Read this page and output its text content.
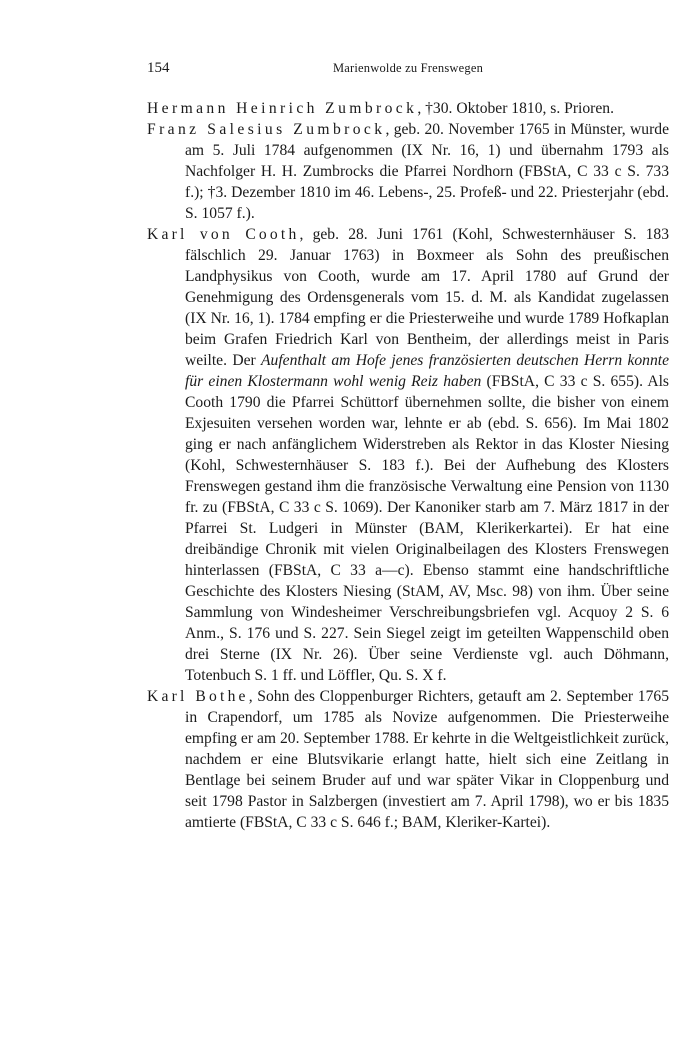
154	Marienwolde zu Frenswegen

Hermann Heinrich Zumbrock, †30. Oktober 1810, s. Prioren.

Franz Salesius Zumbrock, geb. 20. November 1765 in Münster, wurde am 5. Juli 1784 aufgenommen (IX Nr. 16, 1) und übernahm 1793 als Nachfolger H. H. Zumbrocks die Pfarrei Nordhorn (FBStA, C 33 c S. 733 f.); †3. Dezember 1810 im 46. Lebens-, 25. Profeß- und 22. Priesterjahr (ebd. S. 1057 f.).

Karl von Cooth, geb. 28. Juni 1761 (Kohl, Schwesternhäuser S. 183 fälschlich 29. Januar 1763) in Boxmeer als Sohn des preußischen Landphysikus von Cooth, wurde am 17. April 1780 auf Grund der Genehmigung des Ordensgenerals vom 15. d. M. als Kandidat zugelassen (IX Nr. 16, 1). 1784 empfing er die Priesterweihe und wurde 1789 Hofkaplan beim Grafen Friedrich Karl von Bentheim, der allerdings meist in Paris weilte. Der Aufenthalt am Hofe jenes französierten deutschen Herrn konnte für einen Klostermann wohl wenig Reiz haben (FBStA, C 33 c S. 655). Als Cooth 1790 die Pfarrei Schüttorf übernehmen sollte, die bisher von einem Exjesuiten versehen worden war, lehnte er ab (ebd. S. 656). Im Mai 1802 ging er nach anfänglichem Widerstreben als Rektor in das Kloster Niesing (Kohl, Schwesternhäuser S. 183 f.). Bei der Aufhebung des Klosters Frenswegen gestand ihm die französische Verwaltung eine Pension von 1130 fr. zu (FBStA, C 33 c S. 1069). Der Kanoniker starb am 7. März 1817 in der Pfarrei St. Ludgeri in Münster (BAM, Klerikerkartei). Er hat eine dreibändige Chronik mit vielen Originalbeilagen des Klosters Frenswegen hinterlassen (FBStA, C 33 a—c). Ebenso stammt eine handschriftliche Geschichte des Klosters Niesing (StAM, AV, Msc. 98) von ihm. Über seine Sammlung von Windesheimer Verschreibungsbriefen vgl. Acquoy 2 S. 6 Anm., S. 176 und S. 227. Sein Siegel zeigt im geteilten Wappenschild oben drei Sterne (IX Nr. 26). Über seine Verdienste vgl. auch Döhmann, Totenbuch S. 1 ff. und Löffler, Qu. S. X f.

Karl Bothe, Sohn des Cloppenburger Richters, getauft am 2. September 1765 in Crapendorf, um 1785 als Novize aufgenommen. Die Priesterweihe empfing er am 20. September 1788. Er kehrte in die Weltgeistlichkeit zurück, nachdem er eine Blutsvikarie erlangt hatte, hielt sich eine Zeitlang in Bentlage bei seinem Bruder auf und war später Vikar in Cloppenburg und seit 1798 Pastor in Salzbergen (investiert am 7. April 1798), wo er bis 1835 amtierte (FBStA, C 33 c S. 646 f.; BAM, Kleriker-Kartei).
